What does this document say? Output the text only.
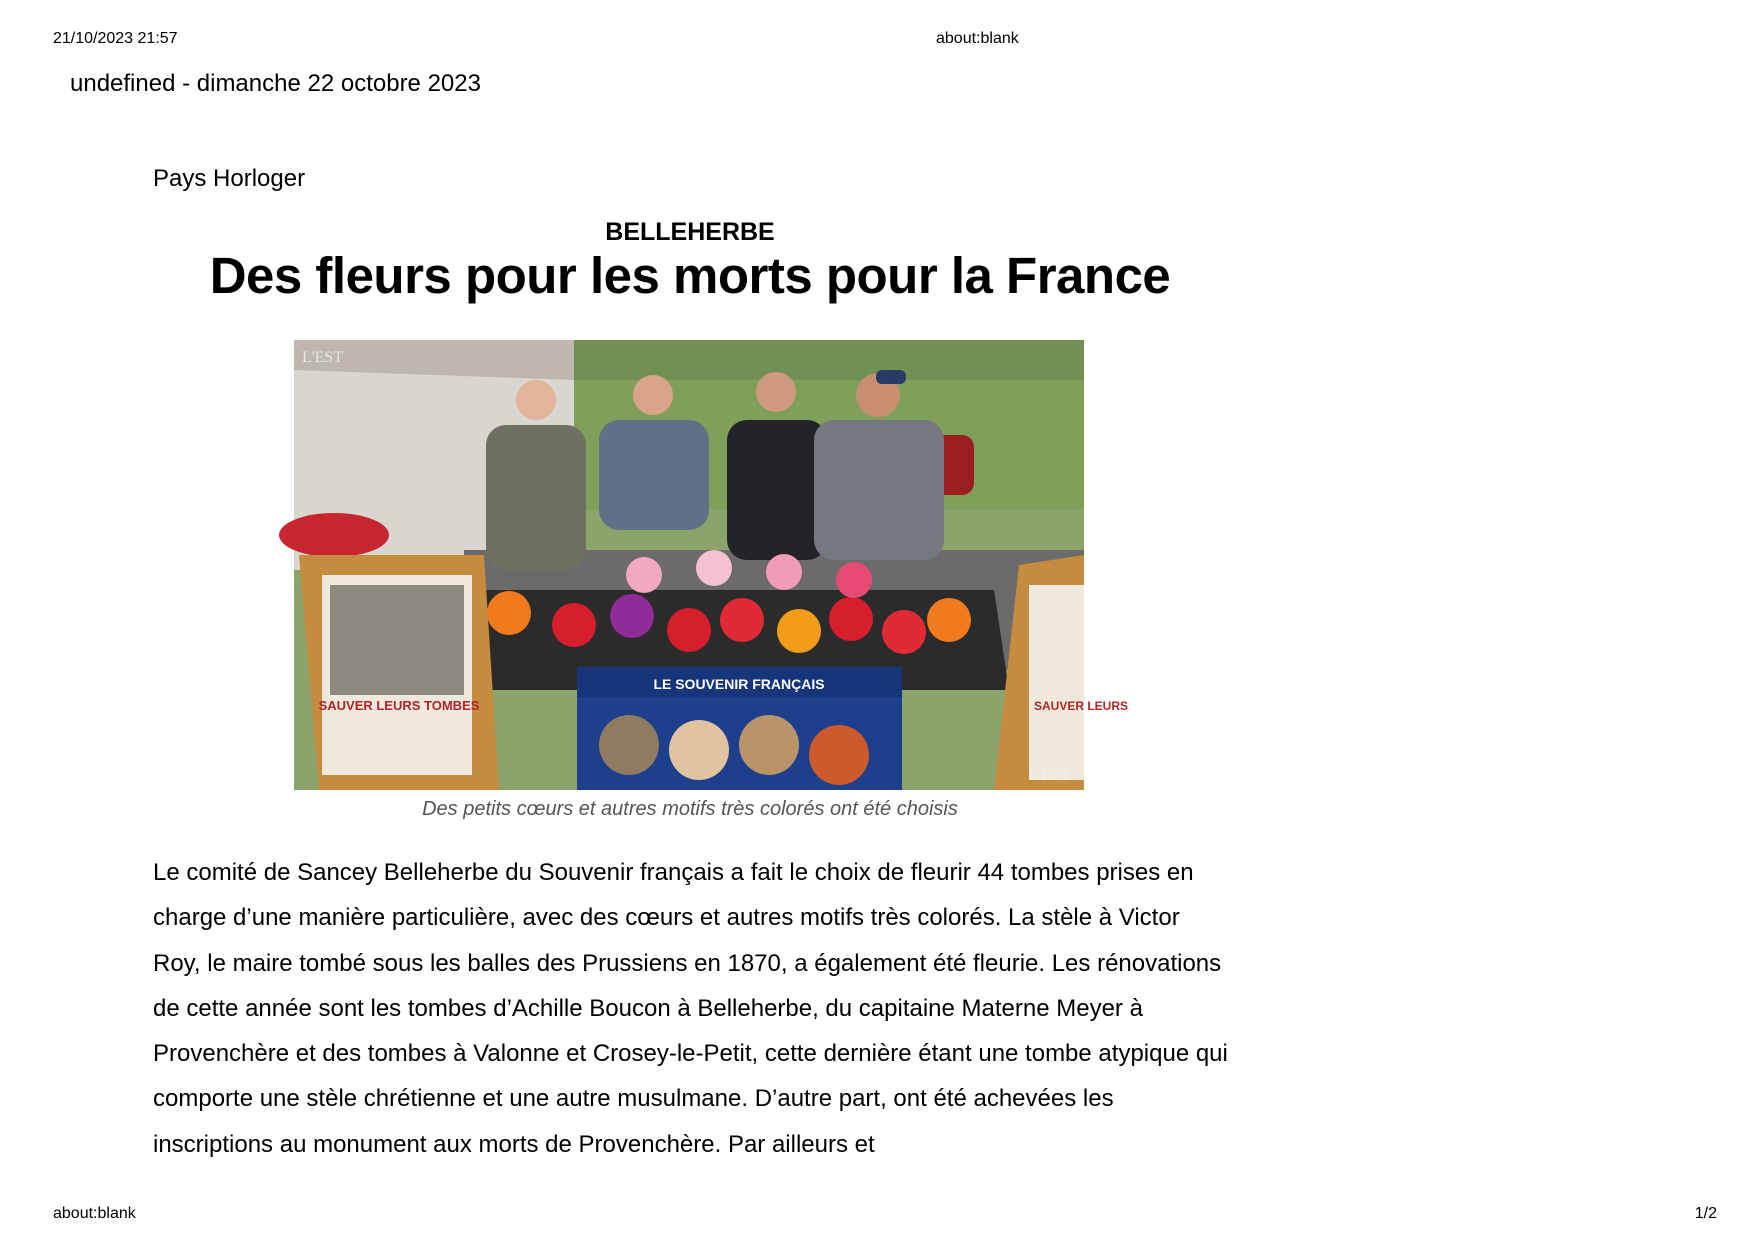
21/10/2023 21:57	about:blank
undefined - dimanche 22 octobre 2023
Pays Horloger
BELLEHERBE
Des fleurs pour les morts pour la France
SAUVER LEURS TOMBES	SAUVER LEURS
LE SOUVENIR FRANÇAIS
L'EST
L'EST
Des petits cœurs et autres motifs très colorés ont été choisis

Le comité de Sancey Belleherbe du Souvenir français a fait le choix de fleurir 44 tombes prises en charge d’une manière particulière, avec des cœurs et autres motifs très colorés. La stèle à Victor Roy, le maire tombé sous les balles des Prussiens en 1870, a également été fleurie. Les rénovations de cette année sont les tombes d’Achille Boucon à Belleherbe, du capitaine Materne Meyer à Provenchère et des tombes à Valonne et Crosey-le-Petit, cette dernière étant une tombe atypique qui comporte une stèle chrétienne et une autre musulmane. D’autre part, ont été achevées les inscriptions au monument aux morts de Provenchère. Par ailleurs et

about:blank	1/2
